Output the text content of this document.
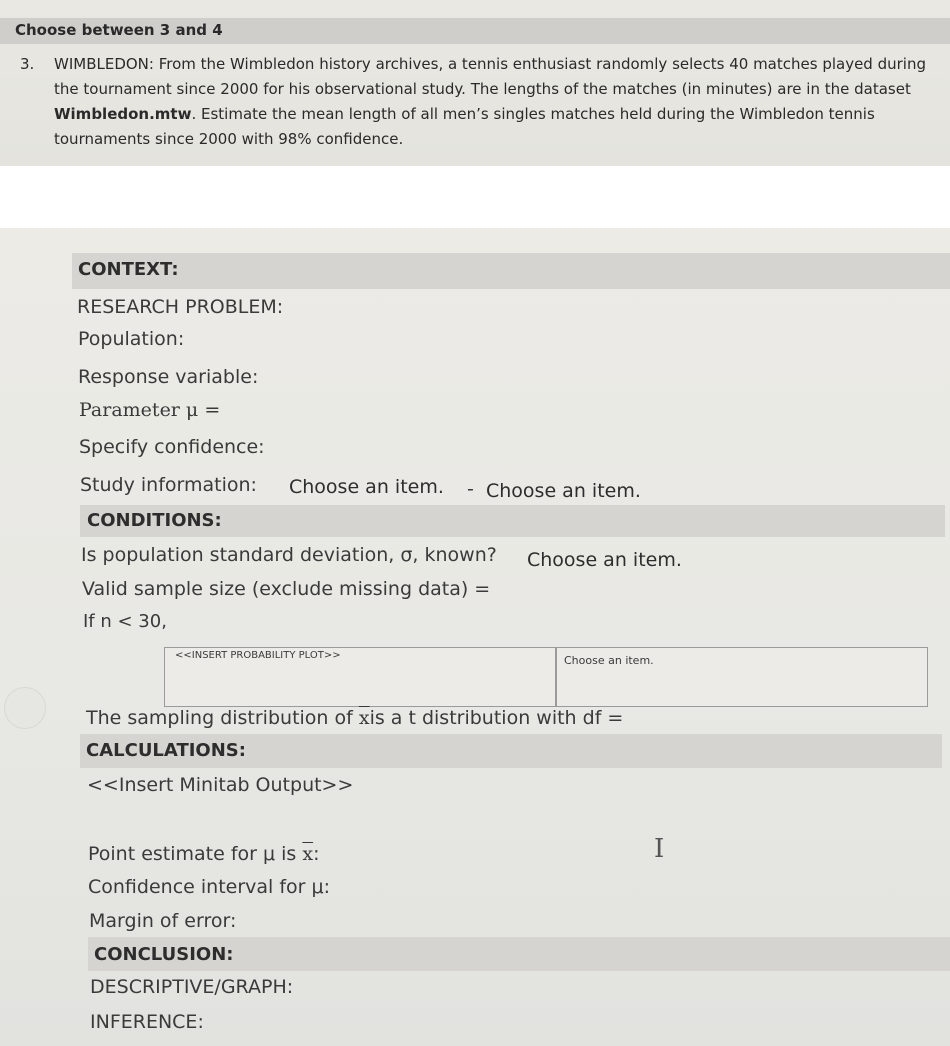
Choose between 3 and 4
3. WIMBLEDON: From the Wimbledon history archives, a tennis enthusiast randomly selects 40 matches played during the tournament since 2000 for his observational study. The lengths of the matches (in minutes) are in the dataset Wimbledon.mtw. Estimate the mean length of all men’s singles matches held during the Wimbledon tennis tournaments since 2000 with 98% confidence.
CONTEXT:
RESEARCH PROBLEM:
Population:
Response variable:
Parameter μ =
Specify confidence:
Study information: Choose an item. - Choose an item.
CONDITIONS:
Is population standard deviation, σ, known? Choose an item.
Valid sample size (exclude missing data) =
If n < 30,
<<INSERT PROBABILITY PLOT>>	Choose an item.
The sampling distribution of $\overline{x}is$ a t distribution with df =
CALCULATIONS:
<<Insert Minitab Output>>
Point estimate for μ is $\overline{x}$:
Confidence interval for μ:
Margin of error:
CONCLUSION:
DESCRIPTIVE/GRAPH:
INFERENCE:
I
